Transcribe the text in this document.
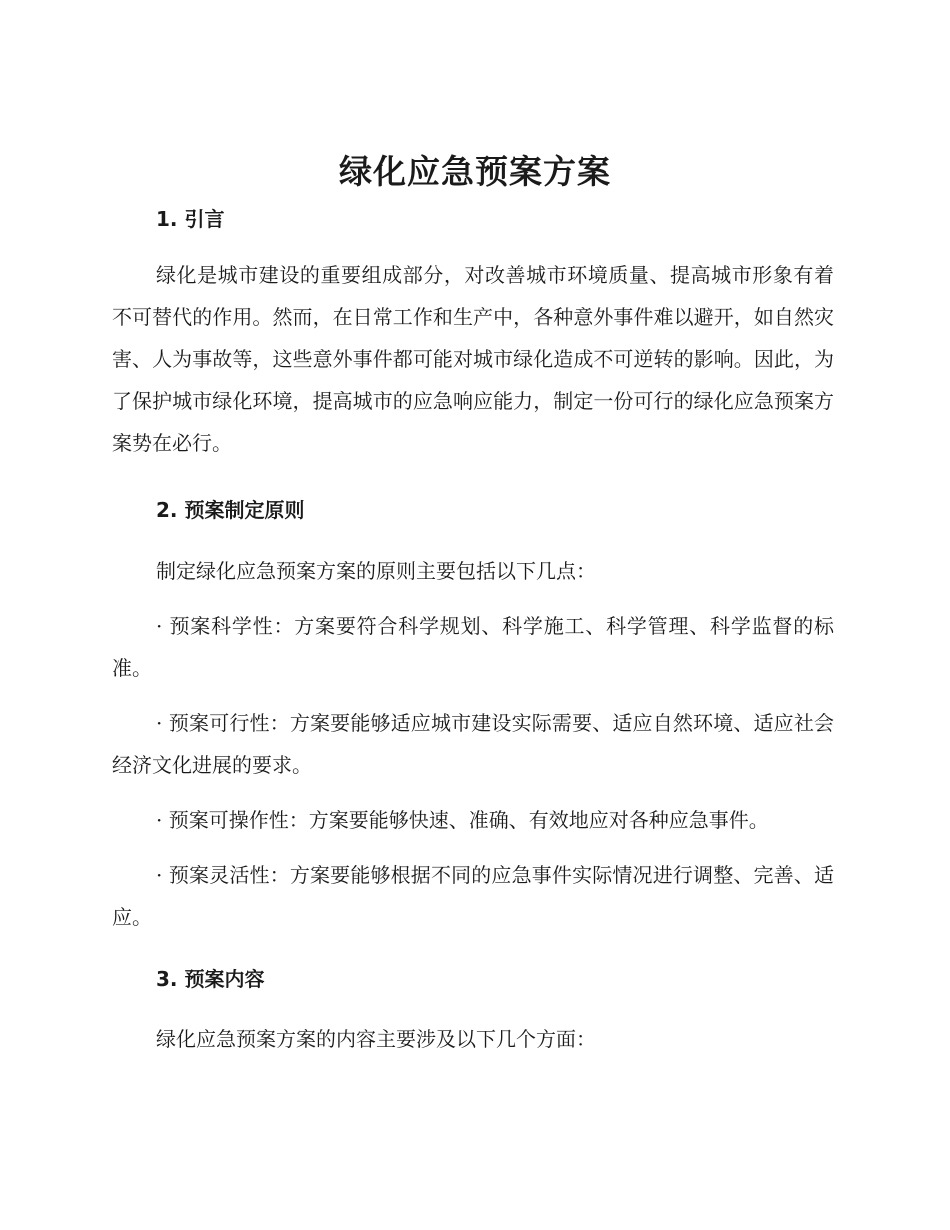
绿化应急预案方案

1. 引言

绿化是城市建设的重要组成部分，对改善城市环境质量、提高城市形象有着不可替代的作用。然而，在日常工作和生产中，各种意外事件难以避开，如自然灾害、人为事故等，这些意外事件都可能对城市绿化造成不可逆转的影响。因此，为了保护城市绿化环境，提高城市的应急响应能力，制定一份可行的绿化应急预案方案势在必行。

2. 预案制定原则

制定绿化应急预案方案的原则主要包括以下几点：

· 预案科学性：方案要符合科学规划、科学施工、科学管理、科学监督的标准。

· 预案可行性：方案要能够适应城市建设实际需要、适应自然环境、适应社会经济文化进展的要求。

· 预案可操作性：方案要能够快速、准确、有效地应对各种应急事件。

· 预案灵活性：方案要能够根据不同的应急事件实际情况进行调整、完善、适应。

3. 预案内容

绿化应急预案方案的内容主要涉及以下几个方面：
